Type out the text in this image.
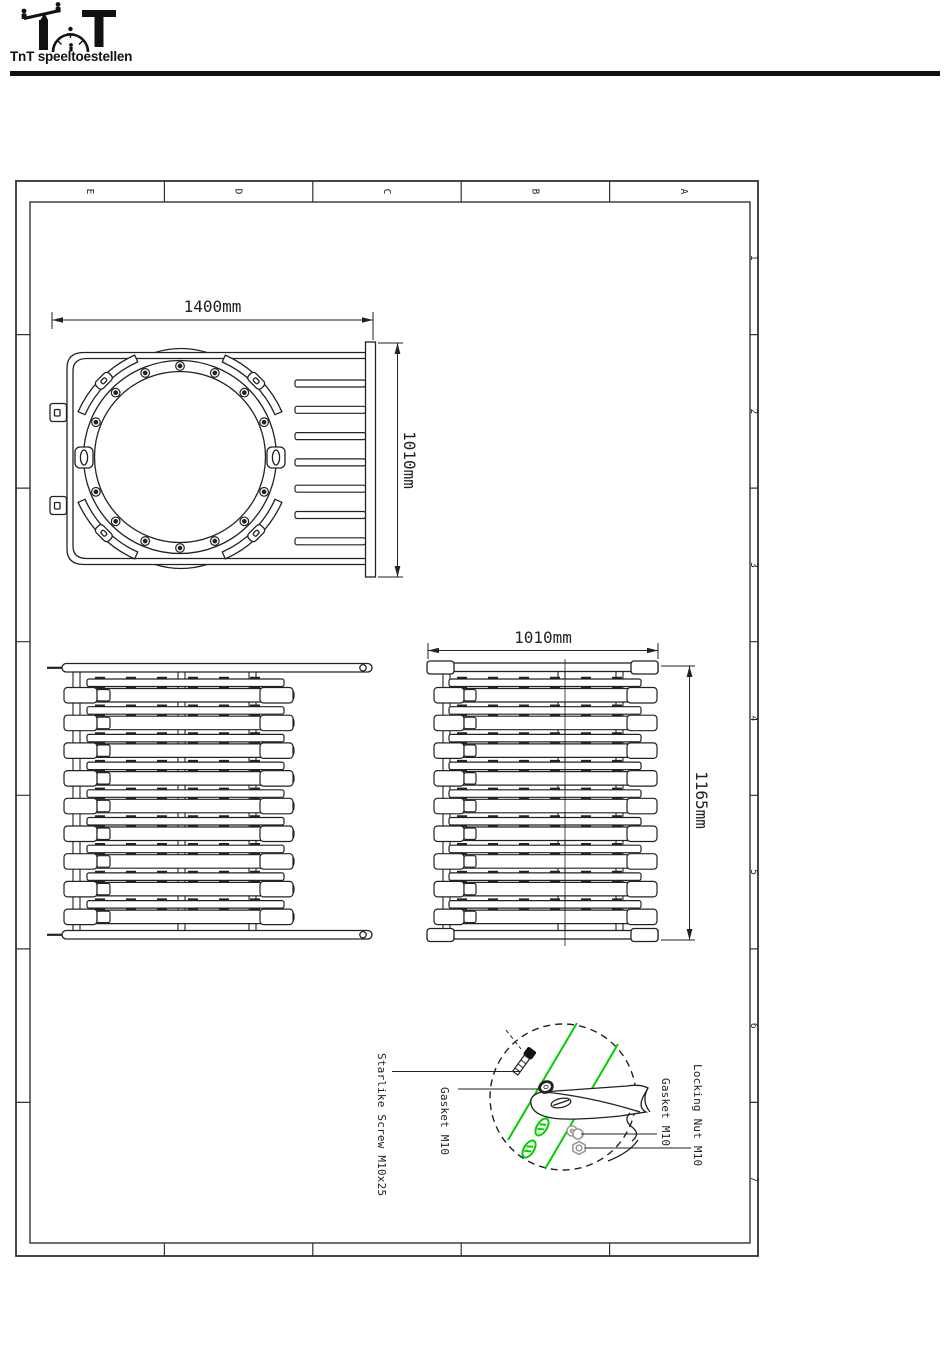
TnT speeltoestellen
E	D	C	B	A
1
2
3
4
5
6
7
1400mm
1010mm
1010mm
1165mm
Starlike Screw M10x25	Gasket M10	Gasket M10 Locking Nut M10
